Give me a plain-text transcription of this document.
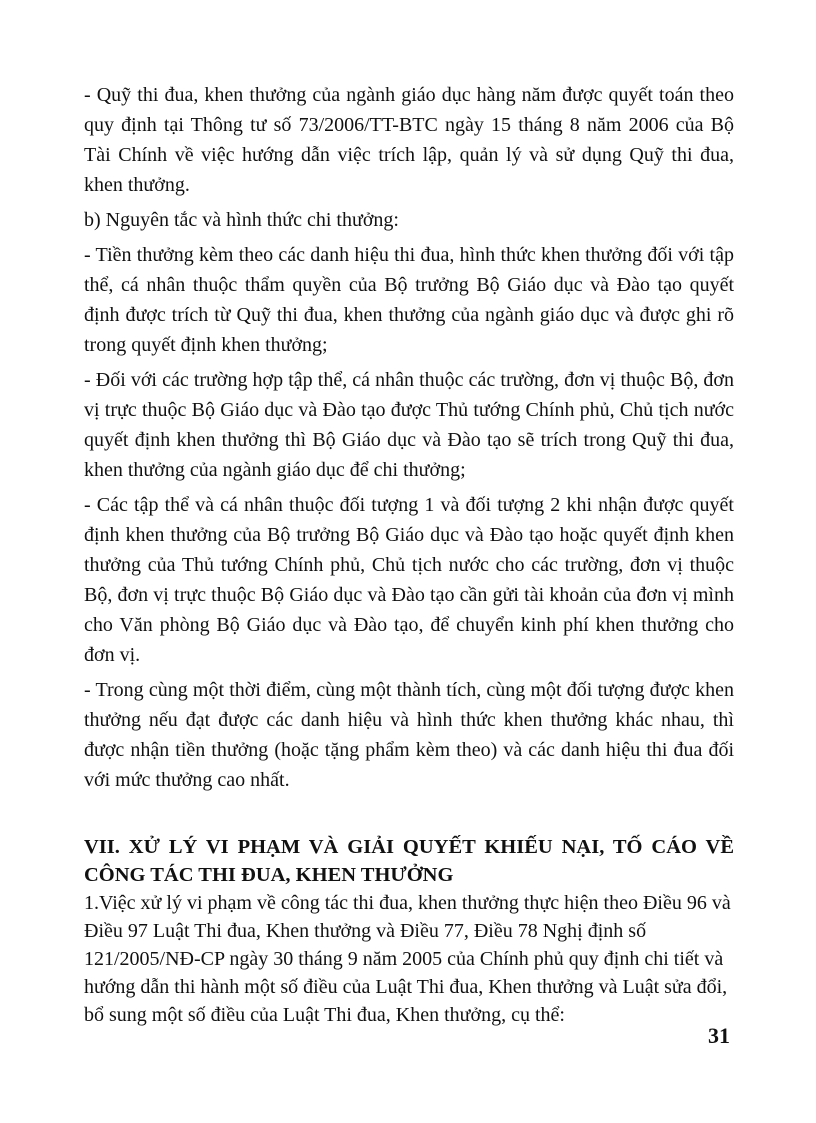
- Quỹ thi đua, khen thưởng của ngành giáo dục hàng năm được quyết toán theo quy định tại Thông tư số 73/2006/TT-BTC ngày 15 tháng 8 năm 2006 của Bộ Tài Chính về việc hướng dẫn việc trích lập, quản lý và sử dụng Quỹ thi đua, khen thưởng.

b) Nguyên tắc và hình thức chi thưởng:

- Tiền thưởng kèm theo các danh hiệu thi đua, hình thức khen thưởng đối với tập thể, cá nhân thuộc thẩm quyền của Bộ trưởng Bộ Giáo dục và Đào tạo quyết định được trích từ Quỹ thi đua, khen thưởng của ngành giáo dục và được ghi rõ trong quyết định khen thưởng;

- Đối với các trường hợp tập thể, cá nhân thuộc các trường, đơn vị thuộc Bộ, đơn vị trực thuộc Bộ Giáo dục và Đào tạo được Thủ tướng Chính phủ, Chủ tịch nước quyết định khen thưởng thì Bộ Giáo dục và Đào tạo sẽ trích trong Quỹ thi đua, khen thưởng của ngành giáo dục để chi thưởng;

- Các tập thể và cá nhân thuộc đối tượng 1 và đối tượng 2 khi nhận được quyết định khen thưởng của Bộ trưởng Bộ Giáo dục và Đào tạo hoặc quyết định khen thưởng của Thủ tướng Chính phủ, Chủ tịch nước cho các trường, đơn vị thuộc Bộ, đơn vị trực thuộc Bộ Giáo dục và Đào tạo cần gửi tài khoản của đơn vị mình cho Văn phòng Bộ Giáo dục và Đào tạo, để chuyển kinh phí khen thưởng cho đơn vị.

- Trong cùng một thời điểm, cùng một thành tích, cùng một đối tượng được khen thưởng nếu đạt được các danh hiệu và hình thức khen thưởng khác nhau, thì được nhận tiền thưởng (hoặc tặng phẩm kèm theo) và các danh hiệu thi đua đối với mức thưởng cao nhất.

VII. XỬ LÝ VI PHẠM VÀ GIẢI QUYẾT KHIẾU NẠI, TỐ CÁO VỀ CÔNG TÁC THI ĐUA, KHEN THƯỞNG

1.Việc xử lý vi phạm về công tác thi đua, khen thưởng thực hiện theo Điều 96 và Điều 97 Luật Thi đua, Khen thưởng và Điều 77, Điều 78 Nghị định số 121/2005/NĐ-CP ngày 30 tháng 9 năm 2005 của Chính phủ quy định chi tiết và hướng dẫn thi hành một số điều của Luật Thi đua, Khen thưởng và Luật sửa đổi, bổ sung một số điều của Luật Thi đua, Khen thưởng, cụ thể:

31
